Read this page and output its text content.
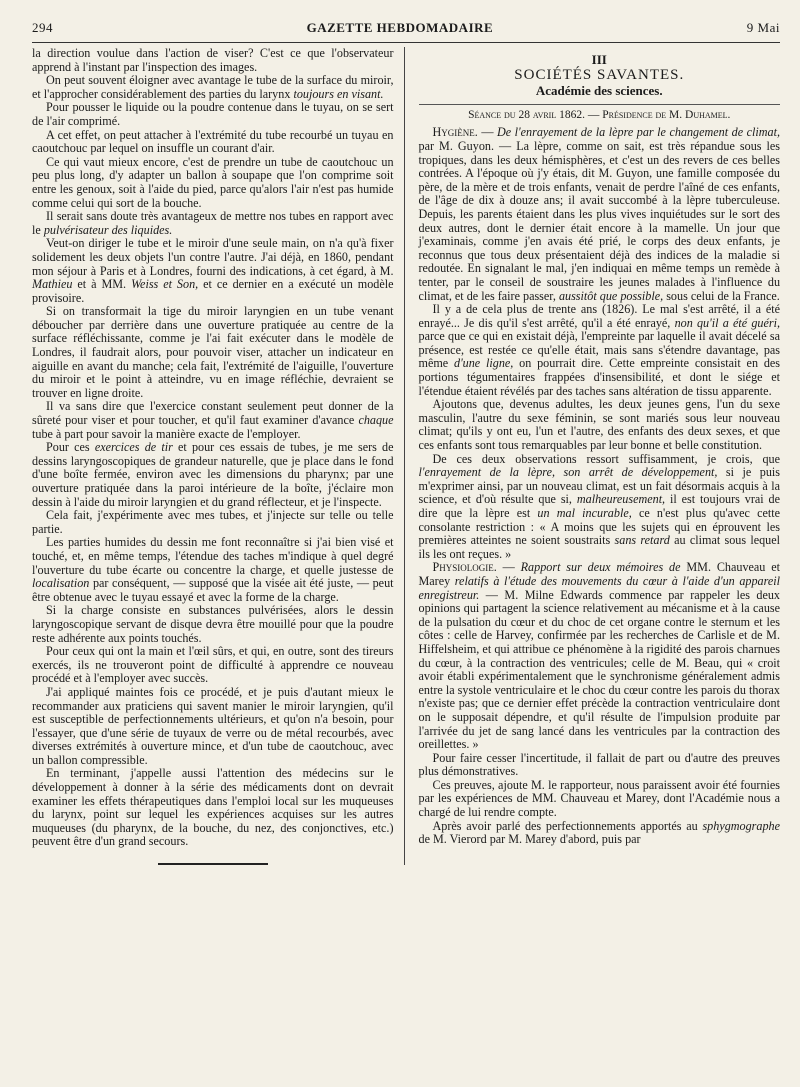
294	GAZETTE HEBDOMADAIRE	9 Mai

la direction voulue dans l'action de viser? C'est ce que l'observateur apprend à l'instant par l'inspection des images.

On peut souvent éloigner avec avantage le tube de la surface du miroir, et l'approcher considérablement des parties du larynx toujours en visant.

Pour pousser le liquide ou la poudre contenue dans le tuyau, on se sert de l'air comprimé.

A cet effet, on peut attacher à l'extrémité du tube recourbé un tuyau en caoutchouc par lequel on insuffle un courant d'air.

Ce qui vaut mieux encore, c'est de prendre un tube de caoutchouc un peu plus long, d'y adapter un ballon à soupape que l'on comprime soit entre les genoux, soit à l'aide du pied, parce qu'alors l'air n'est pas humide comme celui qui sort de la bouche.

Il serait sans doute très avantageux de mettre nos tubes en rapport avec le pulvérisateur des liquides.

Veut-on diriger le tube et le miroir d'une seule main, on n'a qu'à fixer solidement les deux objets l'un contre l'autre. J'ai déjà, en 1860, pendant mon séjour à Paris et à Londres, fourni des indications, à cet égard, à M. Mathieu et à MM. Weiss et Son, et ce dernier en a exécuté un modèle provisoire.

Si on transformait la tige du miroir laryngien en un tube venant déboucher par derrière dans une ouverture pratiquée au centre de la surface réfléchissante, comme je l'ai fait exécuter dans le modèle de Londres, il faudrait alors, pour pouvoir viser, attacher un indicateur en aiguille en avant du manche; cela fait, l'extrémité de l'aiguille, l'ouverture du miroir et le point à atteindre, vu en image réfléchie, devraient se trouver en ligne droite.

Il va sans dire que l'exercice constant seulement peut donner de la sûreté pour viser et pour toucher, et qu'il faut examiner d'avance chaque tube à part pour savoir la manière exacte de l'employer.

Pour ces exercices de tir et pour ces essais de tubes, je me sers de dessins laryngoscopiques de grandeur naturelle, que je place dans le fond d'une boîte fermée, environ avec les dimensions du pharynx; par une ouverture pratiquée dans la paroi intérieure de la boîte, j'éclaire mon dessin à l'aide du miroir laryngien et du grand réflecteur, et je l'inspecte.

Cela fait, j'expérimente avec mes tubes, et j'injecte sur telle ou telle partie.

Les parties humides du dessin me font reconnaître si j'ai bien visé et touché, et, en même temps, l'étendue des taches m'indique à quel degré l'ouverture du tube écarte ou concentre la charge, et quelle justesse de localisation par conséquent, — supposé que la visée ait été juste, — peut être obtenue avec le tuyau essayé et avec la forme de la charge.

Si la charge consiste en substances pulvérisées, alors le dessin laryngoscopique servant de disque devra être mouillé pour que la poudre reste adhérente aux points touchés.

Pour ceux qui ont la main et l'œil sûrs, et qui, en outre, sont des tireurs exercés, ils ne trouveront point de difficulté à apprendre ce nouveau procédé et à l'employer avec succès.

J'ai appliqué maintes fois ce procédé, et je puis d'autant mieux le recommander aux praticiens qui savent manier le miroir laryngien, qu'il est susceptible de perfectionnements ultérieurs, et qu'on n'a besoin, pour l'essayer, que d'une série de tuyaux de verre ou de métal recourbés, avec diverses extrémités à ouverture mince, et d'un tube de caoutchouc, avec un ballon compressible.

En terminant, j'appelle aussi l'attention des médecins sur le développement à donner à la série des médicaments dont on devrait examiner les effets thérapeutiques dans l'emploi local sur les muqueuses du larynx, point sur lequel les expériences acquises sur les autres muqueuses (du pharynx, de la bouche, du nez, des conjonctives, etc.) peuvent être d'un grand secours.

III
SOCIÉTÉS SAVANTES.
Académie des sciences.
Séance du 28 avril 1862. — Présidence de M. Duhamel.

Hygiène. — De l'enrayement de la lèpre par le changement de climat, par M. Guyon. — La lèpre, comme on sait, est très répandue sous les tropiques, dans les deux hémisphères, et c'est un des revers de ces belles contrées. A l'époque où j'y étais, dit M. Guyon, une famille composée du père, de la mère et de trois enfants, venait de perdre l'aîné de ces enfants, de l'âge de dix à douze ans; il avait succombé à la lèpre tuberculeuse. Depuis, les parents étaient dans les plus vives inquiétudes sur le sort des deux autres, dont le dernier était encore à la mamelle. Un jour que j'examinais, comme j'en avais été prié, le corps des deux enfants, je reconnus que tous deux présentaient déjà des indices de la maladie si redoutée. En signalant le mal, j'en indiquai en même temps un remède à tenter, par le conseil de soustraire les jeunes malades à l'influence du climat, et de les faire passer, aussitôt que possible, sous celui de la France.

Il y a de cela plus de trente ans (1826). Le mal s'est arrêté, il a été enrayé... Je dis qu'il s'est arrêté, qu'il a été enrayé, non qu'il a été guéri, parce que ce qui en existait déjà, l'empreinte par laquelle il avait décelé sa présence, est restée ce qu'elle était, mais sans s'étendre davantage, pas même d'une ligne, on pourrait dire. Cette empreinte consistait en des portions tégumentaires frappées d'insensibilité, et dont le siége et l'étendue étaient révélés par des taches sans altération de tissu apparente.

Ajoutons que, devenus adultes, les deux jeunes gens, l'un du sexe masculin, l'autre du sexe féminin, se sont mariés sous leur nouveau climat; qu'ils y ont eu, l'un et l'autre, des enfants des deux sexes, et que ces enfants sont tous remarquables par leur bonne et belle constitution.

De ces deux observations ressort suffisamment, je crois, que l'enrayement de la lèpre, son arrêt de développement, si je puis m'exprimer ainsi, par un nouveau climat, est un fait désormais acquis à la science, et d'où résulte que si, malheureusement, il est toujours vrai de dire que la lèpre est un mal incurable, ce n'est plus qu'avec cette consolante restriction : « A moins que les sujets qui en éprouvent les premières atteintes ne soient soustraits sans retard au climat sous lequel ils les ont reçues. »

Physiologie. — Rapport sur deux mémoires de MM. Chauveau et Marey relatifs à l'étude des mouvements du cœur à l'aide d'un appareil enregistreur. — M. Milne Edwards commence par rappeler les deux opinions qui partagent la science relativement au mécanisme et à la cause de la pulsation du cœur et du choc de cet organe contre le sternum et les côtes : celle de Harvey, confirmée par les recherches de Carlisle et de M. Hiffelsheim, et qui attribue ce phénomène à la rigidité des parois charnues du cœur, à la contraction des ventricules; celle de M. Beau, qui « croit avoir établi expérimentalement que le synchronisme généralement admis entre la systole ventriculaire et le choc du cœur contre les parois du thorax n'existe pas; que ce dernier effet précède la contraction ventriculaire dont on le supposait dépendre, et qu'il résulte de l'impulsion produite par l'arrivée du jet de sang lancé dans les ventricules par la contraction des oreillettes. »

Pour faire cesser l'incertitude, il fallait de part ou d'autre des preuves plus démonstratives.

Ces preuves, ajoute M. le rapporteur, nous paraissent avoir été fournies par les expériences de MM. Chauveau et Marey, dont l'Académie nous a chargé de lui rendre compte.

Après avoir parlé des perfectionnements apportés au sphygmographe de M. Vierord par M. Marey d'abord, puis par
